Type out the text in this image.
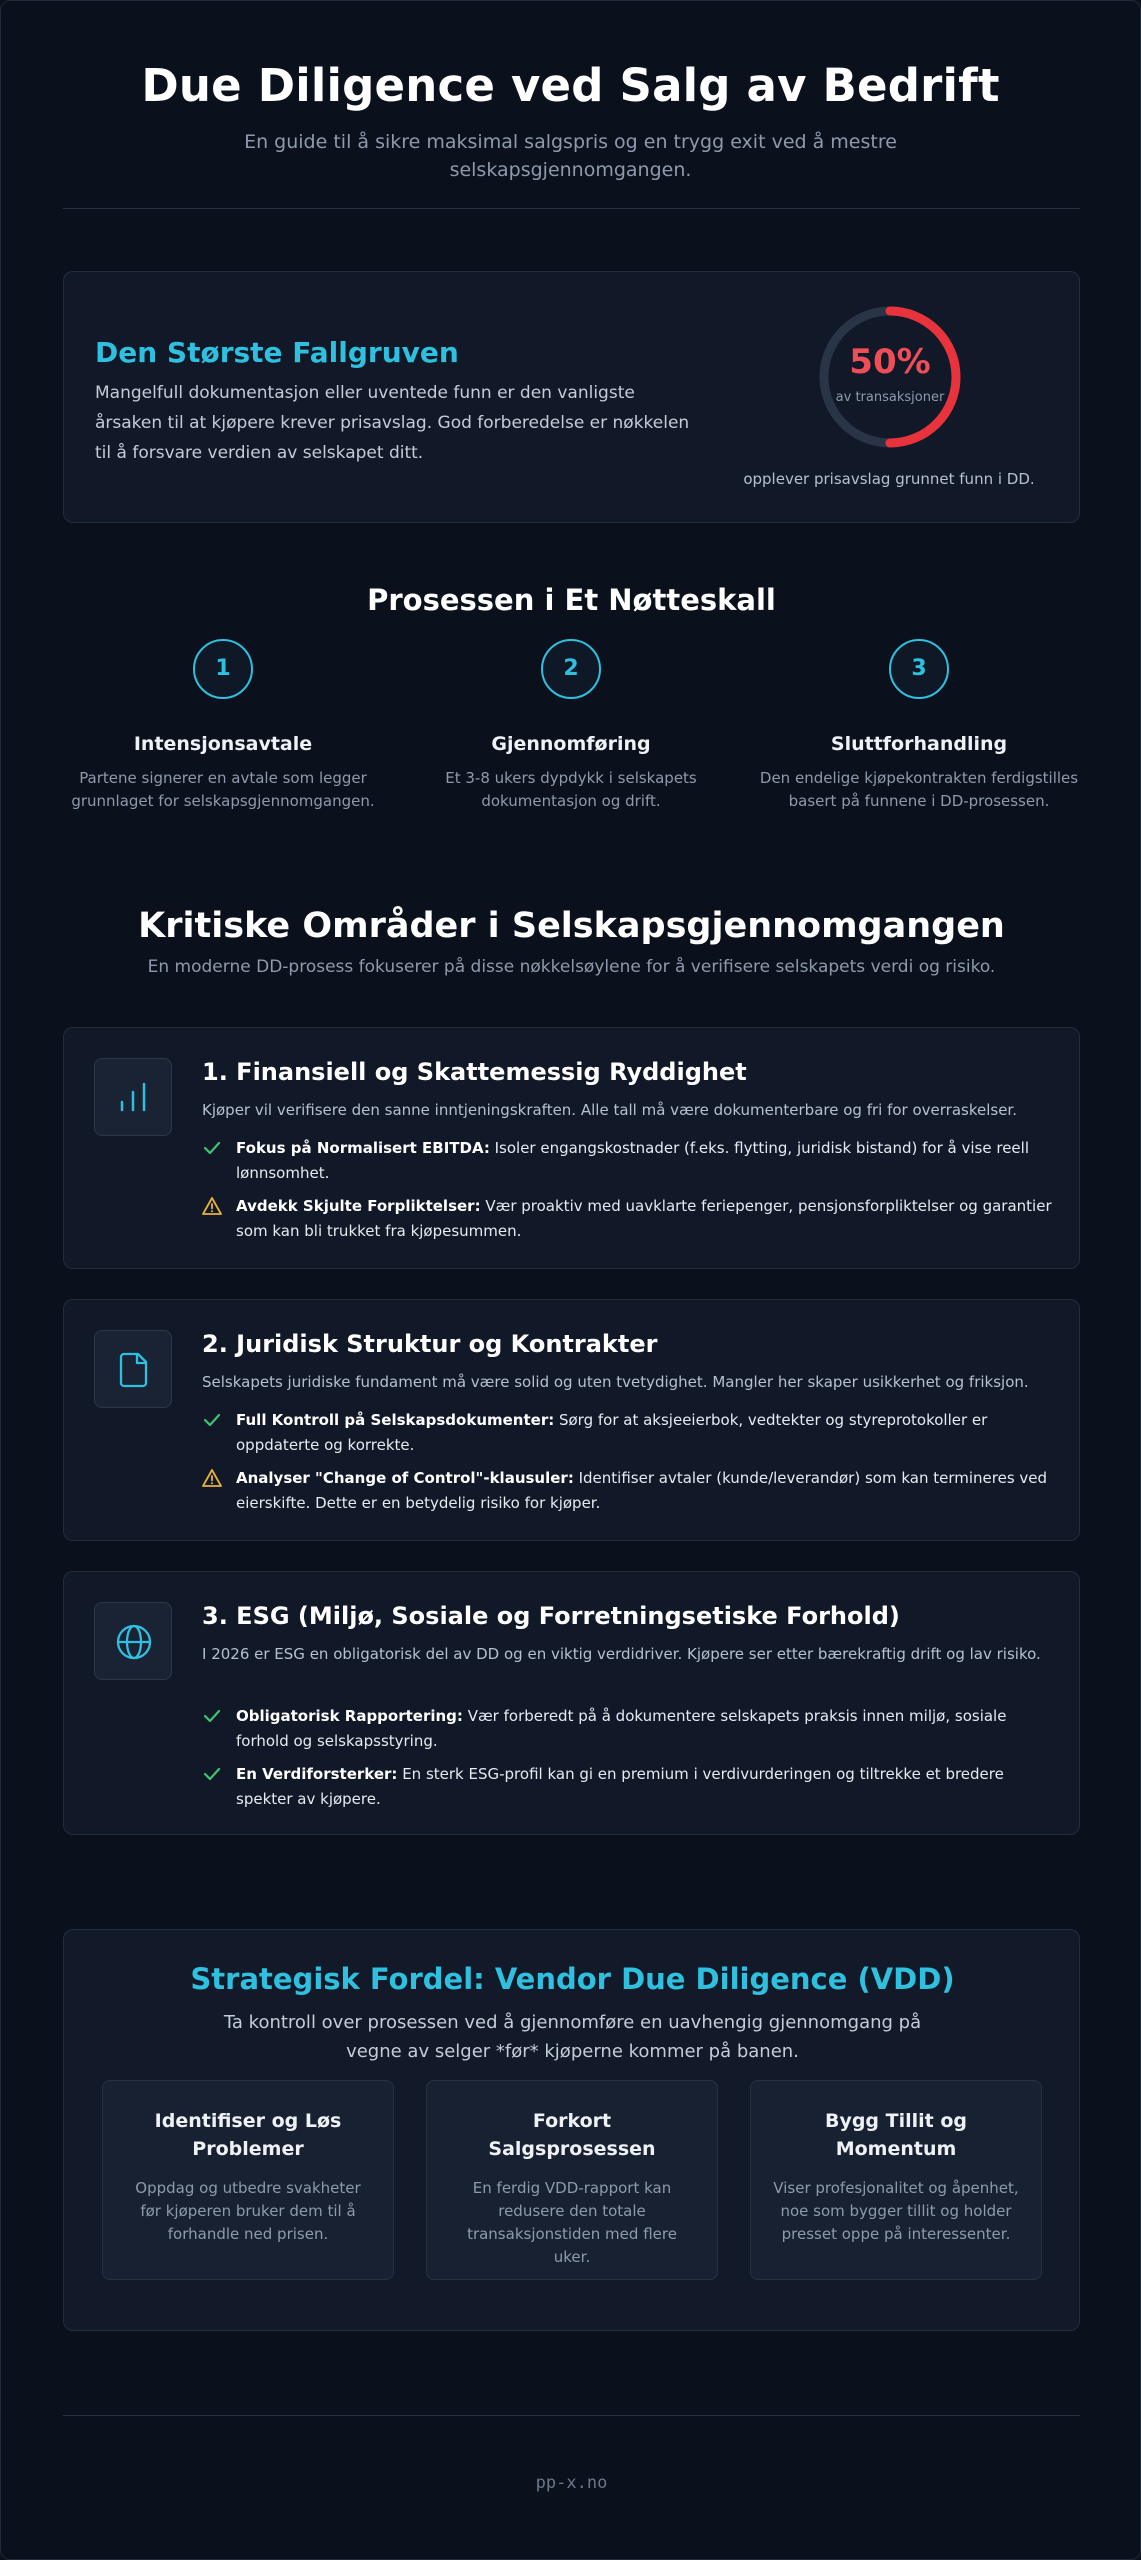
Due Diligence ved Salg av Bedrift

En guide til å sikre maksimal salgspris og en trygg exit ved å mestre selskapsgjennomgangen.

Den Største Fallgruven

Mangelfull dokumentasjon eller uventede funn er den vanligste årsaken til at kjøpere krever prisavslag. God forberedelse er nøkkelen til å forsvare verdien av selskapet ditt.

50%
av transaksjoner
opplever prisavslag grunnet funn i DD.
Prosessen i Et Nøtteskall
1
Intensjonsavtale
Partene signerer en avtale som legger grunnlaget for selskapsgjennomgangen.
2
Gjennomføring
Et 3-8 ukers dypdykk i selskapets dokumentasjon og drift.
3
Sluttforhandling
Den endelige kjøpekontrakten ferdigstilles basert på funnene i DD-prosessen.
Kritiske Områder i Selskapsgjennomgangen

En moderne DD-prosess fokuserer på disse nøkkelsøylene for å verifisere selskapets verdi og risiko.

1. Finansiell og Skattemessig Ryddighet

Kjøper vil verifisere den sanne inntjeningskraften. Alle tall må være dokumenterbare og fri for overraskelser.

Fokus på Normalisert EBITDA: Isoler engangskostnader (f.eks. flytting, juridisk bistand) for å vise reell lønnsomhet.

Avdekk Skjulte Forpliktelser: Vær proaktiv med uavklarte feriepenger, pensjonsforpliktelser og garantier som kan bli trukket fra kjøpesummen.

2. Juridisk Struktur og Kontrakter

Selskapets juridiske fundament må være solid og uten tvetydighet. Mangler her skaper usikkerhet og friksjon.

Full Kontroll på Selskapsdokumenter: Sørg for at aksjeeierbok, vedtekter og styreprotokoller er oppdaterte og korrekte.

Analyser "Change of Control"-klausuler: Identifiser avtaler (kunde/leverandør) som kan termineres ved eierskifte. Dette er en betydelig risiko for kjøper.

3. ESG (Miljø, Sosiale og Forretningsetiske Forhold)

I 2026 er ESG en obligatorisk del av DD og en viktig verdidriver. Kjøpere ser etter bærekraftig drift og lav risiko.

Obligatorisk Rapportering: Vær forberedt på å dokumentere selskapets praksis innen miljø, sosiale forhold og selskapsstyring.

En Verdiforsterker: En sterk ESG-profil kan gi en premium i verdivurderingen og tiltrekke et bredere spekter av kjøpere.

Strategisk Fordel: Vendor Due Diligence (VDD)

Ta kontroll over prosessen ved å gjennomføre en uavhengig gjennomgang på vegne av selger *før* kjøperne kommer på banen.

Identifiser og Løs Problemer
Oppdag og utbedre svakheter før kjøperen bruker dem til å forhandle ned prisen.
Forkort Salgsprosessen
En ferdig VDD-rapport kan redusere den totale transaksjonstiden med flere uker.
Bygg Tillit og Momentum
Viser profesjonalitet og åpenhet, noe som bygger tillit og holder presset oppe på interessenter.
pp-x.no
